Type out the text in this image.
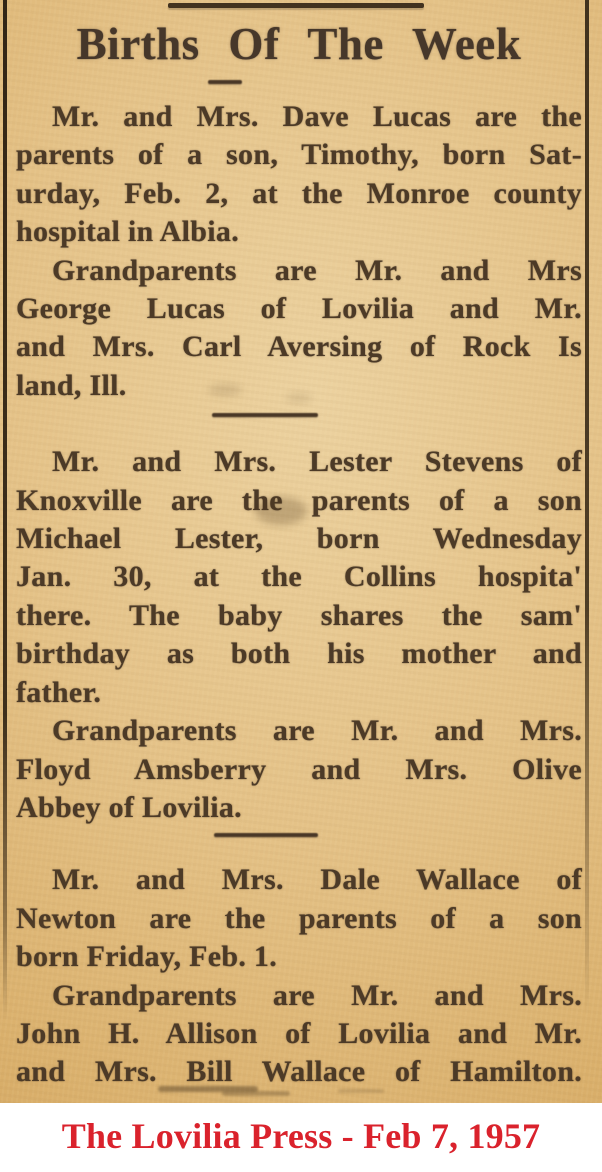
Births Of The Week
Mr. and Mrs. Dave Lucas are the
parents of a son, Timothy, born Sat-
urday, Feb. 2, at the Monroe county
hospital in Albia.
Grandparents are Mr. and Mrs
George Lucas of Lovilia and Mr.
and Mrs. Carl Aversing of Rock Is
land, Ill.
Mr. and Mrs. Lester Stevens of
Knoxville are the parents of a son
Michael Lester, born Wednesday
Jan. 30, at the Collins hospita'
there. The baby shares the sam'
birthday as both his mother and
father.
Grandparents are Mr. and Mrs.
Floyd Amsberry and Mrs. Olive
Abbey of Lovilia.
Mr. and Mrs. Dale Wallace of
Newton are the parents of a son
born Friday, Feb. 1.
Grandparents are Mr. and Mrs.
John H. Allison of Lovilia and Mr.
and Mrs. Bill Wallace of Hamilton.
The Lovilia Press - Feb 7, 1957
